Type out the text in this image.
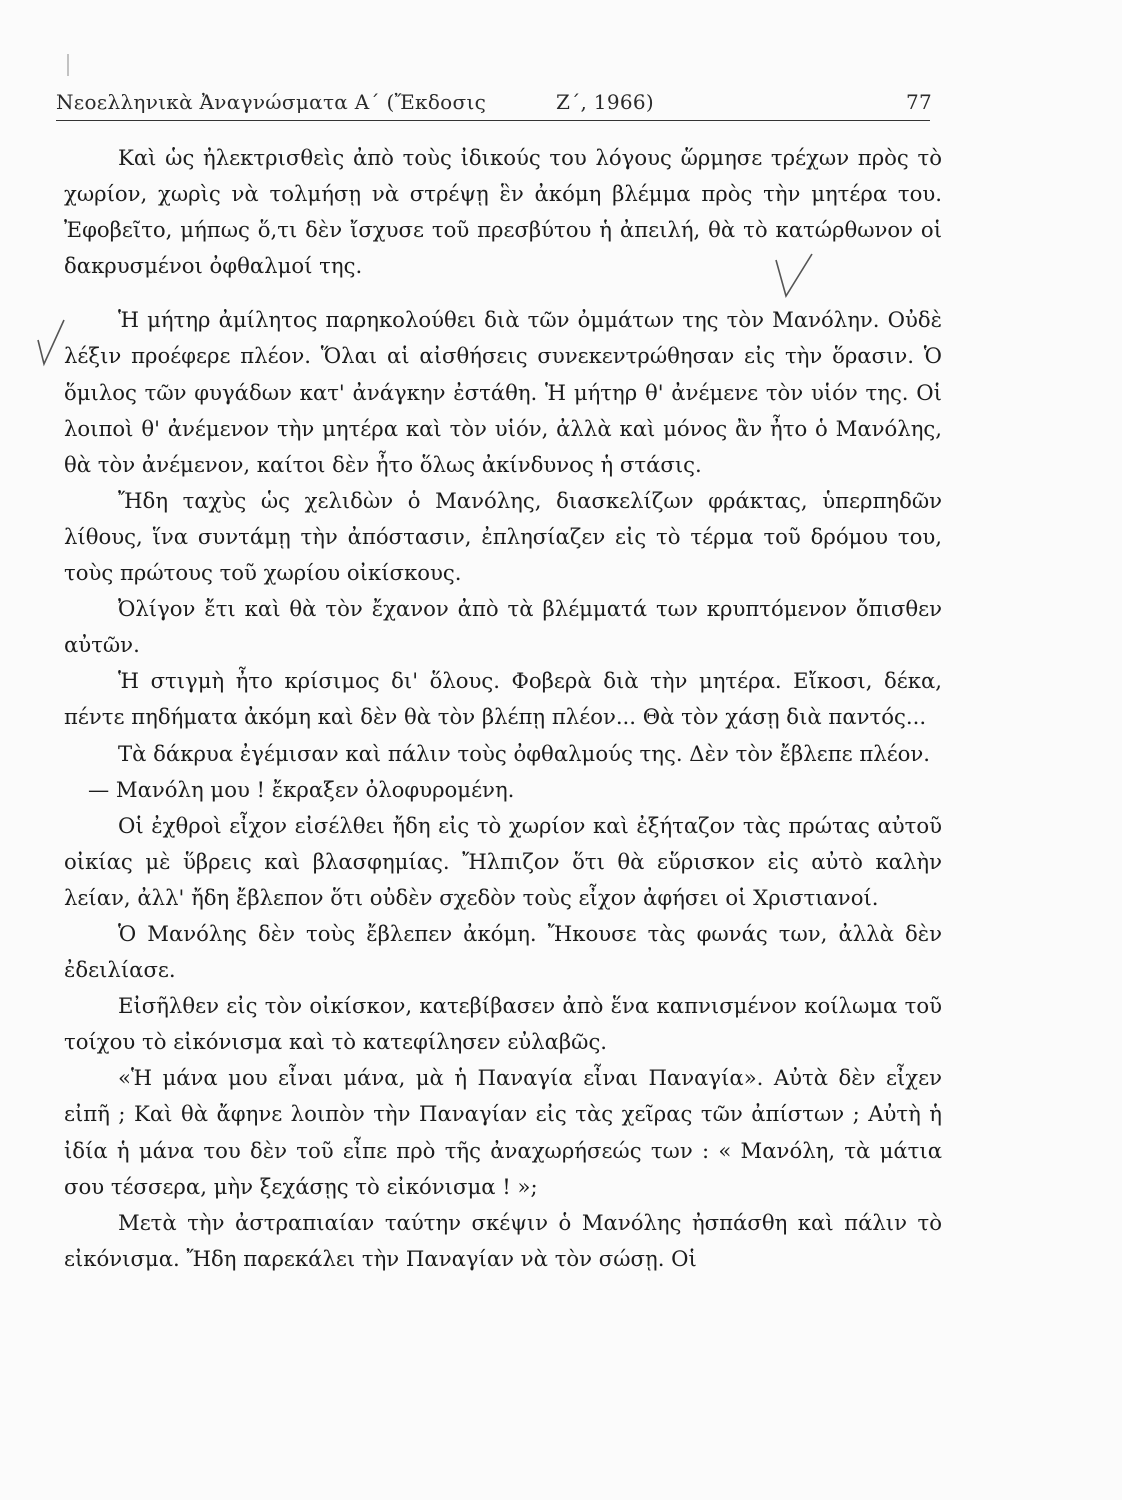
Νεοελληνικὰ Ἀναγνώσματα Α΄ (Ἔκδοσις	Ζ΄, 1966)	77

Καὶ ὡς ἠλεκτρισθεὶς ἀπὸ τοὺς ἰδικούς του λόγους ὥρμησε τρέχων πρὸς τὸ χωρίον, χωρὶς νὰ τολμήσῃ νὰ στρέψῃ ἓν ἀκόμη βλέμμα πρὸς τὴν μητέρα του. Ἐφοβεῖτο, μήπως ὅ,τι δὲν ἴσχυσε τοῦ πρεσβύτου ἡ ἀπειλή, θὰ τὸ κατώρθωνον οἱ δακρυσμένοι ὀφθαλμοί της.

Ἡ μήτηρ ἀμίλητος παρηκολούθει διὰ τῶν ὀμμάτων της τὸν Μανόλην. Οὐδὲ λέξιν προέφερε πλέον. Ὅλαι αἱ αἰσθήσεις συνεκεντρώθησαν εἰς τὴν ὅρασιν. Ὁ ὅμιλος τῶν φυγάδων κατ' ἀνάγκην ἐστάθη. Ἡ μήτηρ θ' ἀνέμενε τὸν υἱόν της. Οἱ λοιποὶ θ' ἀνέμενον τὴν μητέρα καὶ τὸν υἱόν, ἀλλὰ καὶ μόνος ἂν ἦτο ὁ Μανόλης, θὰ τὸν ἀνέμενον, καίτοι δὲν ἦτο ὅλως ἀκίνδυνος ἡ στάσις.

Ἤδη ταχὺς ὡς χελιδὼν ὁ Μανόλης, διασκελίζων φράκτας, ὑπερπηδῶν λίθους, ἵνα συντάμῃ τὴν ἀπόστασιν, ἐπλησίαζεν εἰς τὸ τέρμα τοῦ δρόμου του, τοὺς πρώτους τοῦ χωρίου οἰκίσκους.

Ὀλίγον ἔτι καὶ θὰ τὸν ἔχανον ἀπὸ τὰ βλέμματά των κρυπτόμενον ὄπισθεν αὐτῶν.

Ἡ στιγμὴ ἦτο κρίσιμος δι' ὅλους. Φοβερὰ διὰ τὴν μητέρα. Εἴκοσι, δέκα, πέντε πηδήματα ἀκόμη καὶ δὲν θὰ τὸν βλέπῃ πλέον... Θὰ τὸν χάσῃ διὰ παντός...

Τὰ δάκρυα ἐγέμισαν καὶ πάλιν τοὺς ὀφθαλμούς της. Δὲν τὸν ἔβλεπε πλέον.

— Μανόλη μου ! ἔκραξεν ὀλοφυρομένη.

Οἱ ἐχθροὶ εἶχον εἰσέλθει ἤδη εἰς τὸ χωρίον καὶ ἐξήταζον τὰς πρώτας αὐτοῦ οἰκίας μὲ ὕβρεις καὶ βλασφημίας. Ἤλπιζον ὅτι θὰ εὕρισκον εἰς αὐτὸ καλὴν λείαν, ἀλλ' ἤδη ἔβλεπον ὅτι οὐδὲν σχεδὸν τοὺς εἶχον ἀφήσει οἱ Χριστιανοί.

Ὁ Μανόλης δὲν τοὺς ἔβλεπεν ἀκόμη. Ἤκουσε τὰς φωνάς των, ἀλλὰ δὲν ἐδειλίασε.

Εἰσῆλθεν εἰς τὸν οἰκίσκον, κατεβίβασεν ἀπὸ ἕνα καπνισμένον κοίλωμα τοῦ τοίχου τὸ εἰκόνισμα καὶ τὸ κατεφίλησεν εὐλαβῶς.

«Ἡ μάνα μου εἶναι μάνα, μὰ ἡ Παναγία εἶναι Παναγία». Αὐτὰ δὲν εἶχεν εἰπῆ ; Καὶ θὰ ἄφηνε λοιπὸν τὴν Παναγίαν εἰς τὰς χεῖρας τῶν ἀπίστων ; Αὐτὴ ἡ ἰδία ἡ μάνα του δὲν τοῦ εἶπε πρὸ τῆς ἀναχωρήσεώς των : « Μανόλη, τὰ μάτια σου τέσσερα, μὴν ξεχάσῃς τὸ εἰκόνισμα ! »;

Μετὰ τὴν ἀστραπιαίαν ταύτην σκέψιν ὁ Μανόλης ἠσπάσθη καὶ πάλιν τὸ εἰκόνισμα. Ἤδη παρεκάλει τὴν Παναγίαν νὰ τὸν σώσῃ. Οἱ
